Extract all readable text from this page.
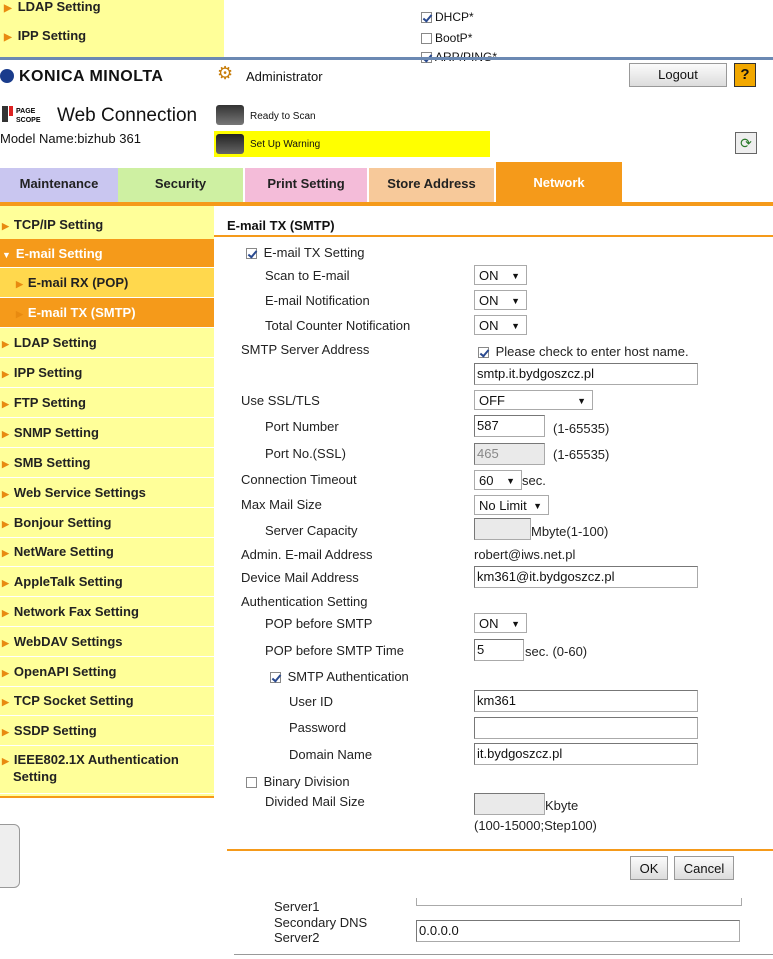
▶ LDAP Setting
▶ IPP Setting
DHCP*
BootP*
KONICA MINOLTA
PAGE
SCOPE Web Connection
Model Name:bizhub 361
⚙ Administrator	Logout	?
Ready to Scan
Set Up Warning	⟳
Maintenance	Security	Print Setting	Store Address	Network
▶ TCP/IP Setting
▼ E-mail Setting
▶ E-mail RX (POP)
▶ E-mail TX (SMTP)
▶ LDAP Setting
▶ IPP Setting
▶ FTP Setting
▶ SNMP Setting
▶ SMB Setting
▶ Web Service Settings
▶ Bonjour Setting
▶ NetWare Setting
▶ AppleTalk Setting
▶ Network Fax Setting
▶ WebDAV Settings
▶ OpenAPI Setting
▶ TCP Socket Setting
▶ SSDP Setting
▶ IEEE802.1X Authentication
Setting
E-mail TX (SMTP)
E-mail TX Setting
Scan to E-mail	ON ▼
E-mail Notification	ON ▼
Total Counter Notification	ON ▼
SMTP Server Address	Please check to enter host name.
smtp.it.bydgoszcz.pl
Use SSL/TLS	OFF	▼
Port Number	587	(1-65535)
Port No.(SSL)	465	(1-65535)
Connection Timeout	60 ▼ sec.
Max Mail Size	No Limit ▼
Server Capacity	Mbyte(1-100)
Admin. E-mail Address	robert@iws.net.pl
Device Mail Address	km361@it.bydgoszcz.pl
Authentication Setting
POP before SMTP	ON ▼
POP before SMTP Time	5	sec. (0-60)
SMTP Authentication
User ID	km361
Password
Domain Name	it.bydgoszcz.pl
Binary Division
Divided Mail Size	Kbyte
(100-15000;Step100)
OK	Cancel
Server1
Secondary DNS
Server2	0.0.0.0
